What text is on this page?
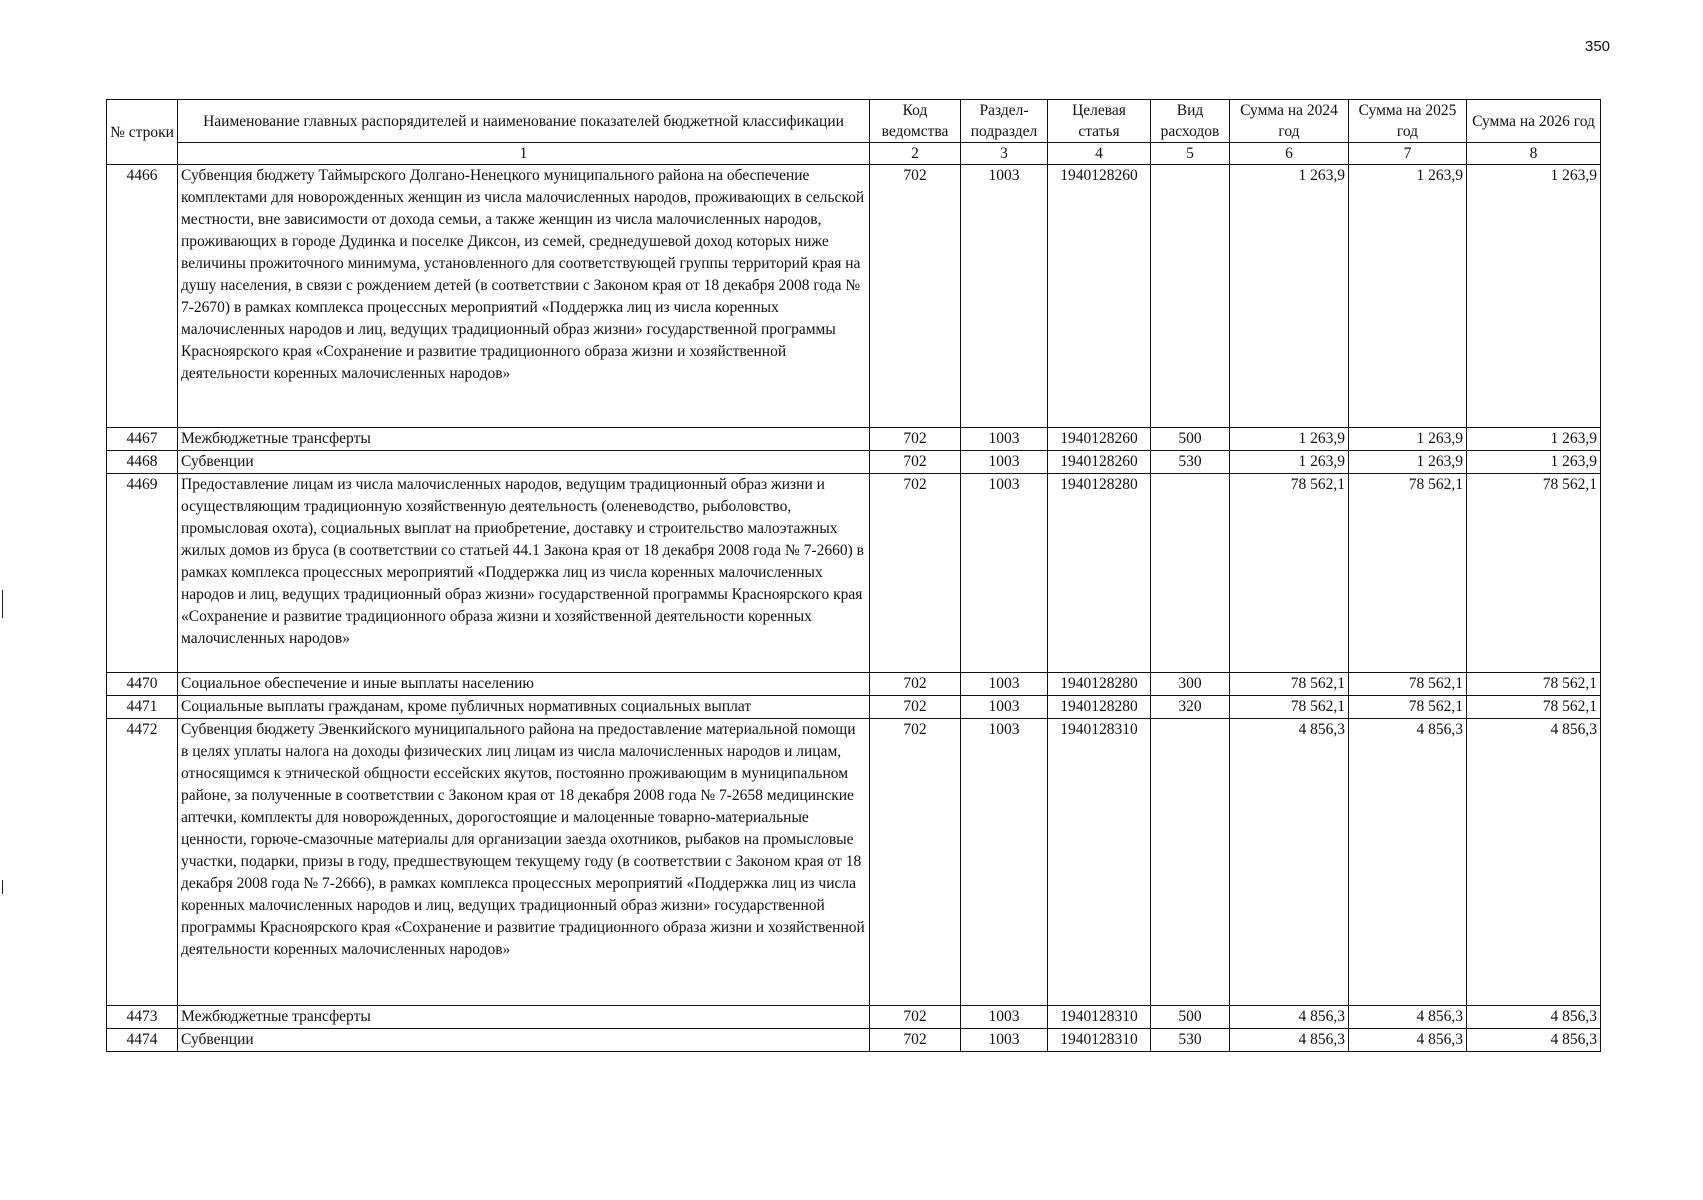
350
№ строки	Наименование главных распорядителей и наименование показателей бюджетной классификации	Код ведомства	Раздел-подраздел	Целевая статья	Вид расходов	Сумма на 2024 год	Сумма на 2025 год	Сумма на 2026 год
	1	2	3	4	5	6	7	8
4466	Субвенция бюджету Таймырского Долгано-Ненецкого муниципального района на обеспечение комплектами для новорожденных женщин из числа малочисленных народов, проживающих в сельской местности, вне зависимости от дохода семьи, а также женщин из числа малочисленных народов, проживающих в городе Дудинка и поселке Диксон, из семей, среднедушевой доход которых ниже величины прожиточного минимума, установленного для соответствующей группы территорий края на душу населения, в связи с рождением детей (в соответствии с Законом края от 18 декабря 2008 года № 7-2670) в рамках комплекса процессных мероприятий «Поддержка лиц из числа коренных малочисленных народов и лиц, ведущих традиционный образ жизни» государственной программы Красноярского края «Сохранение и развитие традиционного образа жизни и хозяйственной деятельности коренных малочисленных народов»	702	1003	1940128260		1 263,9	1 263,9	1 263,9
4467	Межбюджетные трансферты	702	1003	1940128260	500	1 263,9	1 263,9	1 263,9
4468	Субвенции	702	1003	1940128260	530	1 263,9	1 263,9	1 263,9
4469	Предоставление лицам из числа малочисленных народов, ведущим традиционный образ жизни и осуществляющим традиционную хозяйственную деятельность (оленеводство, рыболовство, промысловая охота), социальных выплат на приобретение, доставку и строительство малоэтажных жилых домов из бруса (в соответствии со статьей 44.1 Закона края от 18 декабря 2008 года № 7-2660) в рамках комплекса процессных мероприятий «Поддержка лиц из числа коренных малочисленных народов и лиц, ведущих традиционный образ жизни» государственной программы Красноярского края «Сохранение и развитие традиционного образа жизни и хозяйственной деятельности коренных малочисленных народов»	702	1003	1940128280		78 562,1	78 562,1	78 562,1
4470	Социальное обеспечение и иные выплаты населению	702	1003	1940128280	300	78 562,1	78 562,1	78 562,1
4471	Социальные выплаты гражданам, кроме публичных нормативных социальных выплат	702	1003	1940128280	320	78 562,1	78 562,1	78 562,1
4472	Субвенция бюджету Эвенкийского муниципального района на предоставление материальной помощи в целях уплаты налога на доходы физических лиц лицам из числа малочисленных народов и лицам, относящимся к этнической общности ессейских якутов, постоянно проживающим в муниципальном районе, за полученные в соответствии с Законом края от 18 декабря 2008 года № 7-2658 медицинские аптечки, комплекты для новорожденных, дорогостоящие и малоценные товарно-материальные ценности, горюче-смазочные материалы для организации заезда охотников, рыбаков на промысловые участки, подарки, призы в году, предшествующем текущему году (в соответствии с Законом края от 18 декабря 2008 года № 7-2666), в рамках комплекса процессных мероприятий «Поддержка лиц из числа коренных малочисленных народов и лиц, ведущих традиционный образ жизни» государственной программы Красноярского края «Сохранение и развитие традиционного образа жизни и хозяйственной деятельности коренных малочисленных народов»	702	1003	1940128310		4 856,3	4 856,3	4 856,3
4473	Межбюджетные трансферты	702	1003	1940128310	500	4 856,3	4 856,3	4 856,3
4474	Субвенции	702	1003	1940128310	530	4 856,3	4 856,3	4 856,3
